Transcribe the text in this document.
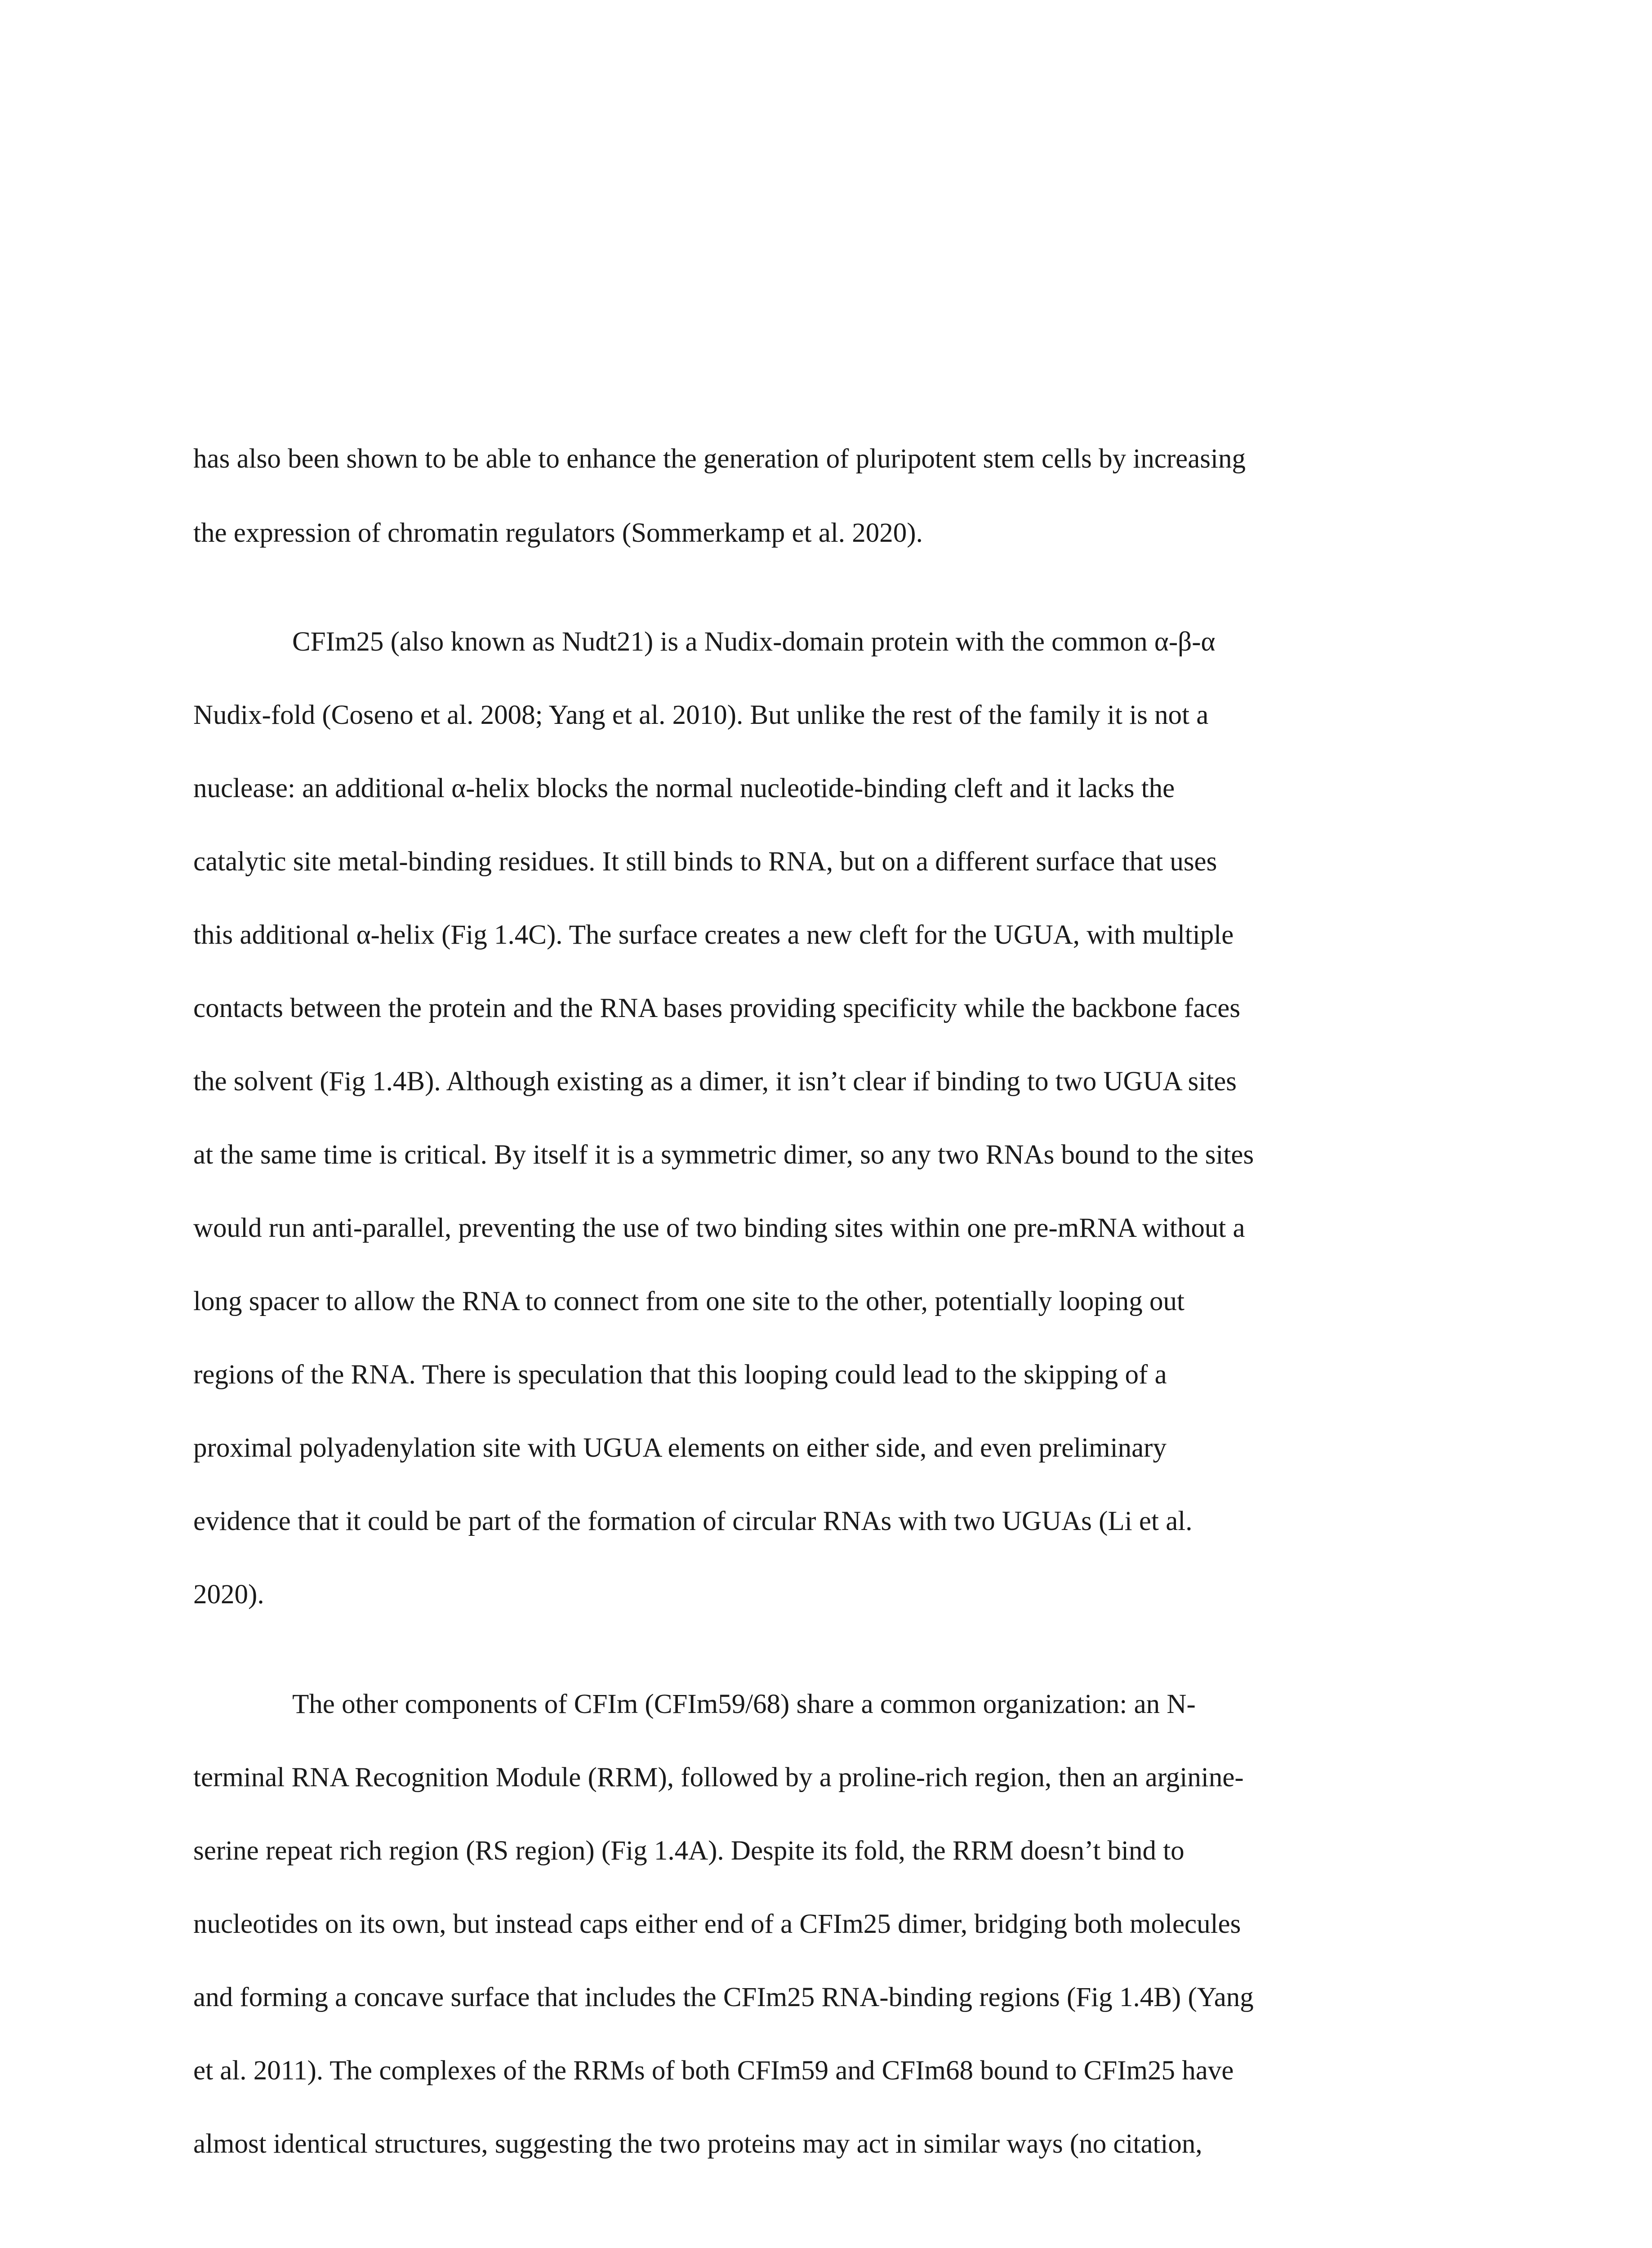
has also been shown to be able to enhance the generation of pluripotent stem cells by increasing
the expression of chromatin regulators (Sommerkamp et al. 2020).
CFIm25 (also known as Nudt21) is a Nudix-domain protein with the common α-β-α
Nudix-fold (Coseno et al. 2008; Yang et al. 2010). But unlike the rest of the family it is not a
nuclease: an additional α-helix blocks the normal nucleotide-binding cleft and it lacks the
catalytic site metal-binding residues. It still binds to RNA, but on a different surface that uses
this additional α-helix (Fig 1.4C). The surface creates a new cleft for the UGUA, with multiple
contacts between the protein and the RNA bases providing specificity while the backbone faces
the solvent (Fig 1.4B). Although existing as a dimer, it isn’t clear if binding to two UGUA sites
at the same time is critical. By itself it is a symmetric dimer, so any two RNAs bound to the sites
would run anti-parallel, preventing the use of two binding sites within one pre-mRNA without a
long spacer to allow the RNA to connect from one site to the other, potentially looping out
regions of the RNA. There is speculation that this looping could lead to the skipping of a
proximal polyadenylation site with UGUA elements on either side, and even preliminary
evidence that it could be part of the formation of circular RNAs with two UGUAs (Li et al.
2020).
The other components of CFIm (CFIm59/68) share a common organization: an N-
terminal RNA Recognition Module (RRM), followed by a proline-rich region, then an arginine-
serine repeat rich region (RS region) (Fig 1.4A). Despite its fold, the RRM doesn’t bind to
nucleotides on its own, but instead caps either end of a CFIm25 dimer, bridging both molecules
and forming a concave surface that includes the CFIm25 RNA-binding regions (Fig 1.4B) (Yang
et al. 2011). The complexes of the RRMs of both CFIm59 and CFIm68 bound to CFIm25 have
almost identical structures, suggesting the two proteins may act in similar ways (no citation,
